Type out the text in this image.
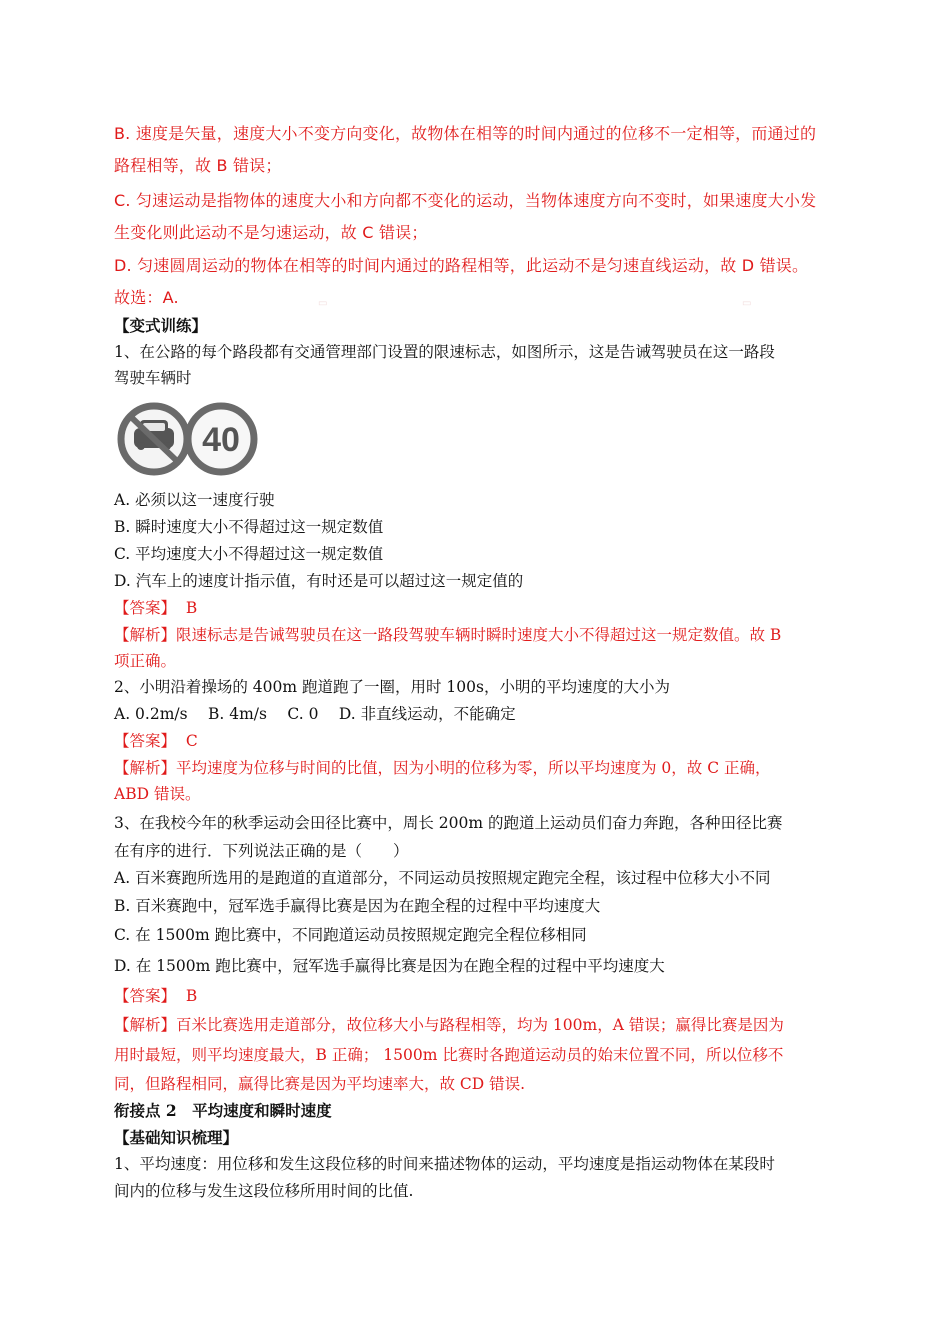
▭	▭
B. 速度是矢量，速度大小不变方向变化，故物体在相等的时间内通过的位移不一定相等，而通过的
路程相等，故 B 错误；
C. 匀速运动是指物体的速度大小和方向都不变化的运动，当物体速度方向不变时，如果速度大小发
生变化则此运动不是匀速运动，故 C 错误；
D. 匀速圆周运动的物体在相等的时间内通过的路程相等，此运动不是匀速直线运动，故 D 错误。
故选：A.
【变式训练】
1、在公路的每个路段都有交通管理部门设置的限速标志，如图所示，这是告诫驾驶员在这一路段
驾驶车辆时
40
A. 必须以这一速度行驶
B. 瞬时速度大小不得超过这一规定数值
C. 平均速度大小不得超过这一规定数值
D. 汽车上的速度计指示值，有时还是可以超过这一规定值的
【答案】 B
【解析】限速标志是告诫驾驶员在这一路段驾驶车辆时瞬时速度大小不得超过这一规定数值。故 B
项正确。
2、小明沿着操场的 400m 跑道跑了一圈，用时 100s，小明的平均速度的大小为
A. 0.2m/s　 B. 4m/s　 C. 0　 D. 非直线运动，不能确定
【答案】 C
【解析】平均速度为位移与时间的比值，因为小明的位移为零，所以平均速度为 0，故 C 正确，
ABD 错误。
3、在我校今年的秋季运动会田径比赛中，周长 200m 的跑道上运动员们奋力奔跑，各种田径比赛
在有序的进行．下列说法正确的是（　　）
A. 百米赛跑所选用的是跑道的直道部分，不同运动员按照规定跑完全程，该过程中位移大小不同
B. 百米赛跑中，冠军选手赢得比赛是因为在跑全程的过程中平均速度大
C. 在 1500m 跑比赛中，不同跑道运动员按照规定跑完全程位移相同
D. 在 1500m 跑比赛中，冠军选手赢得比赛是因为在跑全程的过程中平均速度大
【答案】 B
【解析】百米比赛选用走道部分，故位移大小与路程相等，均为 100m，A 错误；赢得比赛是因为
用时最短，则平均速度最大，B 正确； 1500m 比赛时各跑道运动员的始末位置不同，所以位移不
同，但路程相同，赢得比赛是因为平均速率大，故 CD 错误.
衔接点 2　平均速度和瞬时速度
【基础知识梳理】
1、平均速度：用位移和发生这段位移的时间来描述物体的运动，平均速度是指运动物体在某段时
间内的位移与发生这段位移所用时间的比值.
